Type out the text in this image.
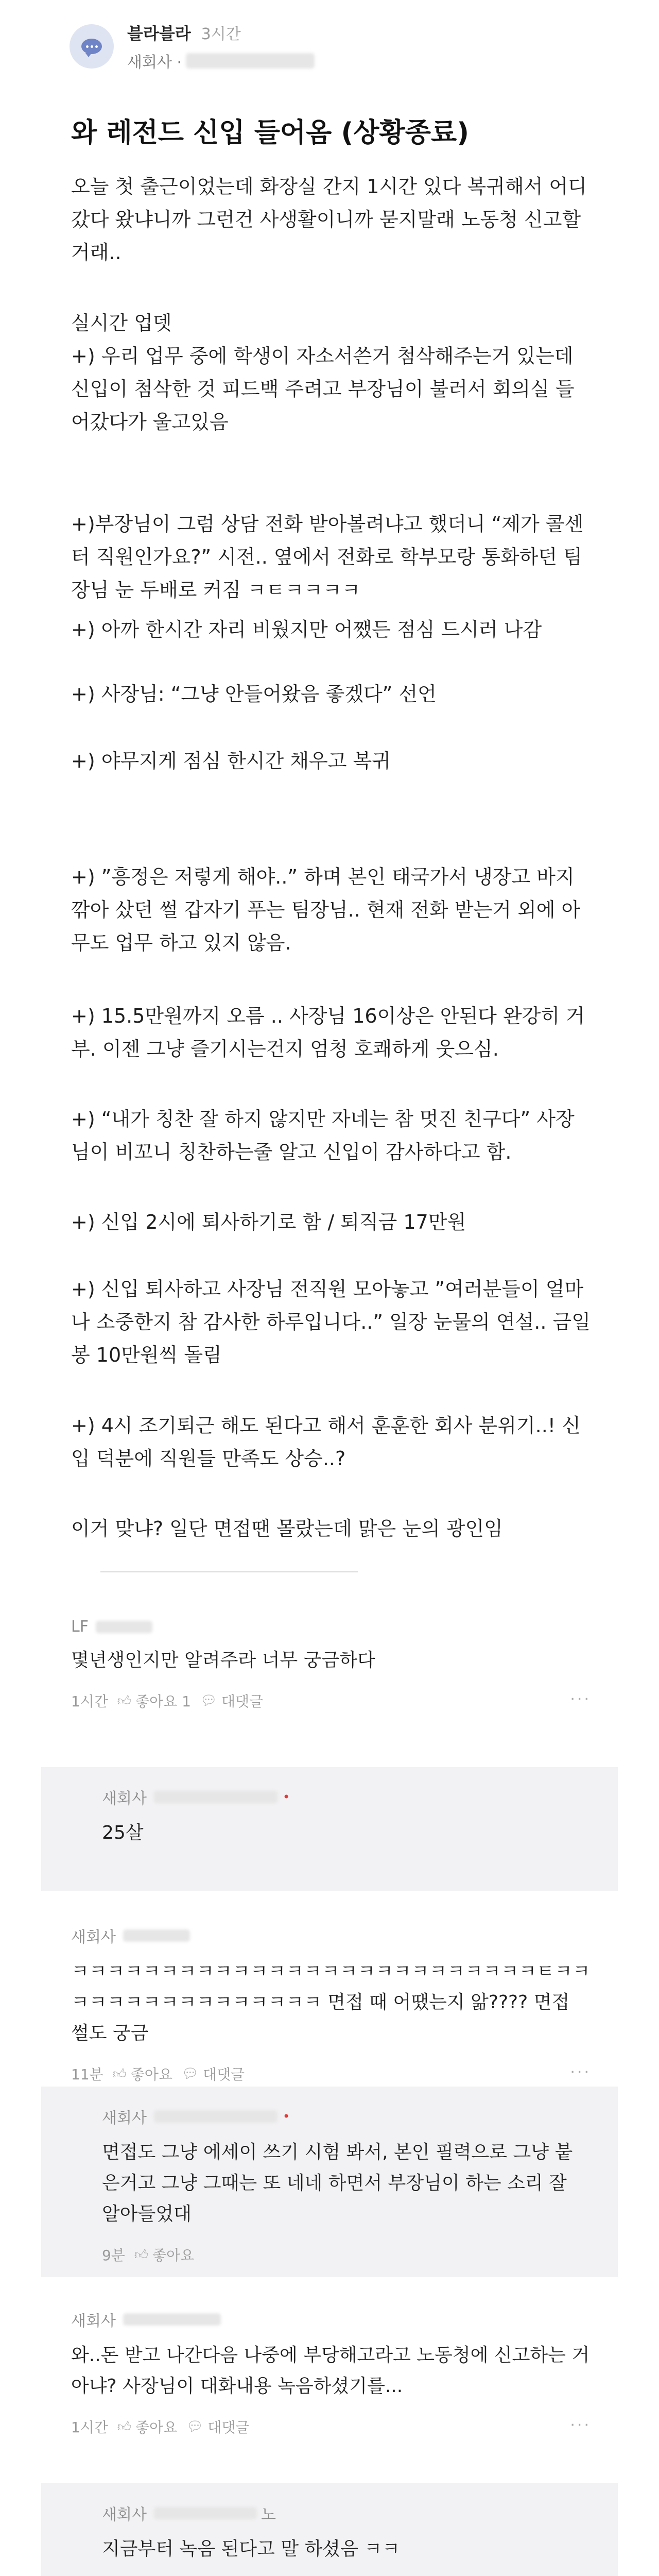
블라블라 3시간
새회사 ·
와 레전드 신입 들어옴 (상황종료)
오늘 첫 출근이었는데 화장실 간지 1시간 있다 복귀해서 어디 갔다 왔냐니까 그런건 사생활이니까 묻지말래 노동청 신고할 거래..
실시간 업뎃
+) 우리 업무 중에 학생이 자소서쓴거 첨삭해주는거 있는데 신입이 첨삭한 것 피드백 주려고 부장님이 불러서 회의실 들어갔다가 울고있음
+)부장님이 그럼 상담 전화 받아볼려냐고 했더니 “제가 콜센터 직원인가요?” 시전.. 옆에서 전화로 학부모랑 통화하던 팀장님 눈 두배로 커짐 ㅋㅌㅋㅋㅋㅋ
+) 아까 한시간 자리 비웠지만 어쨌든 점심 드시러 나감
+) 사장님: “그냥 안들어왔음 좋겠다” 선언
+) 야무지게 점심 한시간 채우고 복귀
+) ”흥정은 저렇게 해야..” 하며 본인 태국가서 냉장고 바지 깎아 샀던 썰 갑자기 푸는 팀장님.. 현재 전화 받는거 외에 아무도 업무 하고 있지 않음.
+) 15.5만원까지 오름 .. 사장님 16이상은 안된다 완강히 거부. 이젠 그냥 즐기시는건지 엄청 호쾌하게 웃으심.
+) “내가 칭찬 잘 하지 않지만 자네는 참 멋진 친구다” 사장님이 비꼬니 칭찬하는줄 알고 신입이 감사하다고 함.
+) 신입 2시에 퇴사하기로 함 / 퇴직금 17만원
+) 신입 퇴사하고 사장님 전직원 모아놓고 ”여러분들이 얼마나 소중한지 참 감사한 하루입니다..” 일장 눈물의 연설.. 금일봉 10만원씩 돌림
+) 4시 조기퇴근 해도 된다고 해서 훈훈한 회사 분위기..! 신입 덕분에 직원들 만족도 상승..?
이거 맞냐? 일단 면접땐 몰랐는데 맑은 눈의 광인임
LF
몇년생인지만 알려주라 너무 궁금하다
1시간 👍︎ 좋아요 1 💬︎ 대댓글	···
새회사	•
25살
새회사
ㅋㅋㅋㅋㅋㅋㅋㅋㅋㅋㅋㅋㅋㅋㅋㅋㅋㅋㅋㅋㅋㅋㅋㅋㅋㅋㅌㅋㅋㅋㅋㅋㅋㅋㅋㅋㅋㅋㅋㅋㅋㅋㅋ 면접 때 어땠는지 앎???? 면접 썰도 궁금
11분 👍︎ 좋아요 💬︎ 대댓글	···
새회사	•
면접도 그냥 에세이 쓰기 시험 봐서, 본인 필력으로 그냥 붙은거고 그냥 그때는 또 네네 하면서 부장님이 하는 소리 잘 알아들었대
9분 👍︎ 좋아요
새회사
와..돈 받고 나간다음 나중에 부당해고라고 노동청에 신고하는 거 아냐? 사장님이 대화내용 녹음하셨기를...
1시간 👍︎ 좋아요 💬︎ 대댓글	···
새회사	노
지금부터 녹음 된다고 말 하셨음 ㅋㅋ
